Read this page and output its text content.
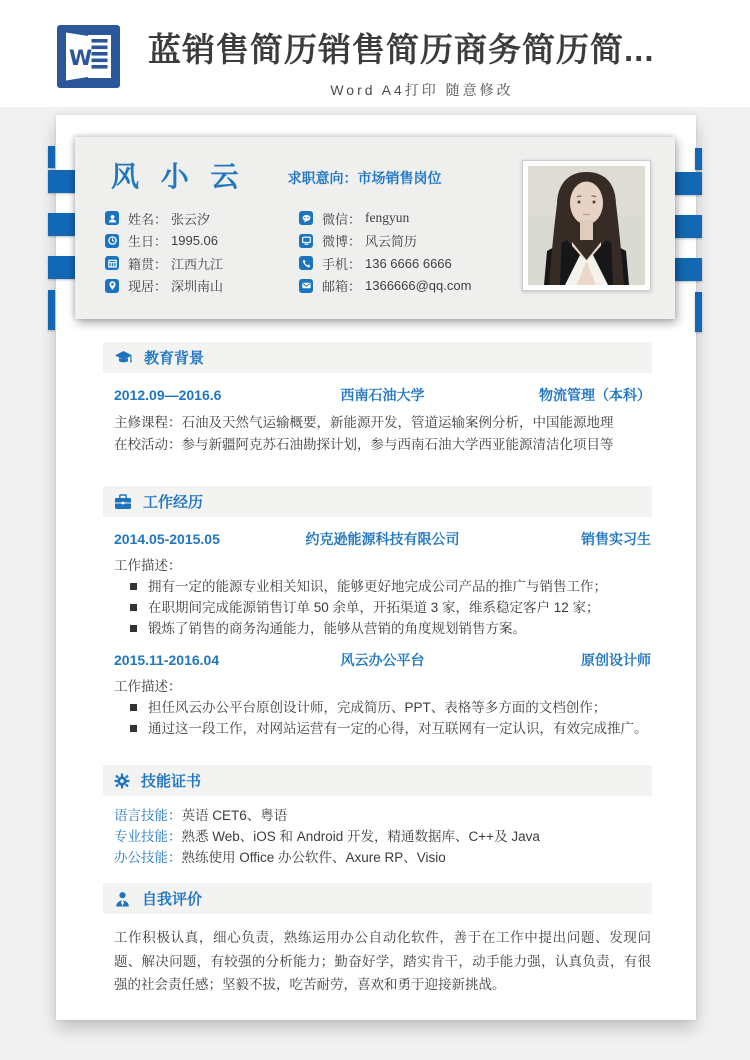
W 蓝销售简历销售简历商务简历简...
Word A4打印 随意修改
风 小 云	求职意向：市场销售岗位
姓名： 张云汐
生日： 1995.06
籍贯： 江西九江
现居： 深圳南山
微信： fengyun
微博： 风云简历
手机： 136 6666 6666
邮箱： 1366666@qq.com
教育背景
2012.09—2016.6	西南石油大学	物流管理（本科）
主修课程：石油及天然气运输概要，新能源开发，管道运输案例分析，中国能源地理
在校活动：参与新疆阿克苏石油勘探计划，参与西南石油大学西亚能源清洁化项目等
工作经历
2014.05-2015.05	约克逊能源科技有限公司	销售实习生
工作描述：
拥有一定的能源专业相关知识，能够更好地完成公司产品的推广与销售工作；
在职期间完成能源销售订单 50 余单，开拓渠道 3 家，维系稳定客户 12 家；
锻炼了销售的商务沟通能力，能够从营销的角度规划销售方案。
2015.11-2016.04	风云办公平台	原创设计师
工作描述：
担任风云办公平台原创设计师，完成简历、PPT、表格等多方面的文档创作；
通过这一段工作，对网站运营有一定的心得，对互联网有一定认识，有效完成推广。
技能证书
语言技能：英语 CET6、粤语
专业技能：熟悉 Web、iOS 和 Android 开发，精通数据库、C++及 Java
办公技能：熟练使用 Office 办公软件、Axure RP、Visio
自我评价
工作积极认真，细心负责，熟练运用办公自动化软件，善于在工作中提出问题、发现问题、解决问题，有较强的分析能力；勤奋好学，踏实肯干，动手能力强，认真负责，有很强的社会责任感；坚毅不拔，吃苦耐劳，喜欢和勇于迎接新挑战。
